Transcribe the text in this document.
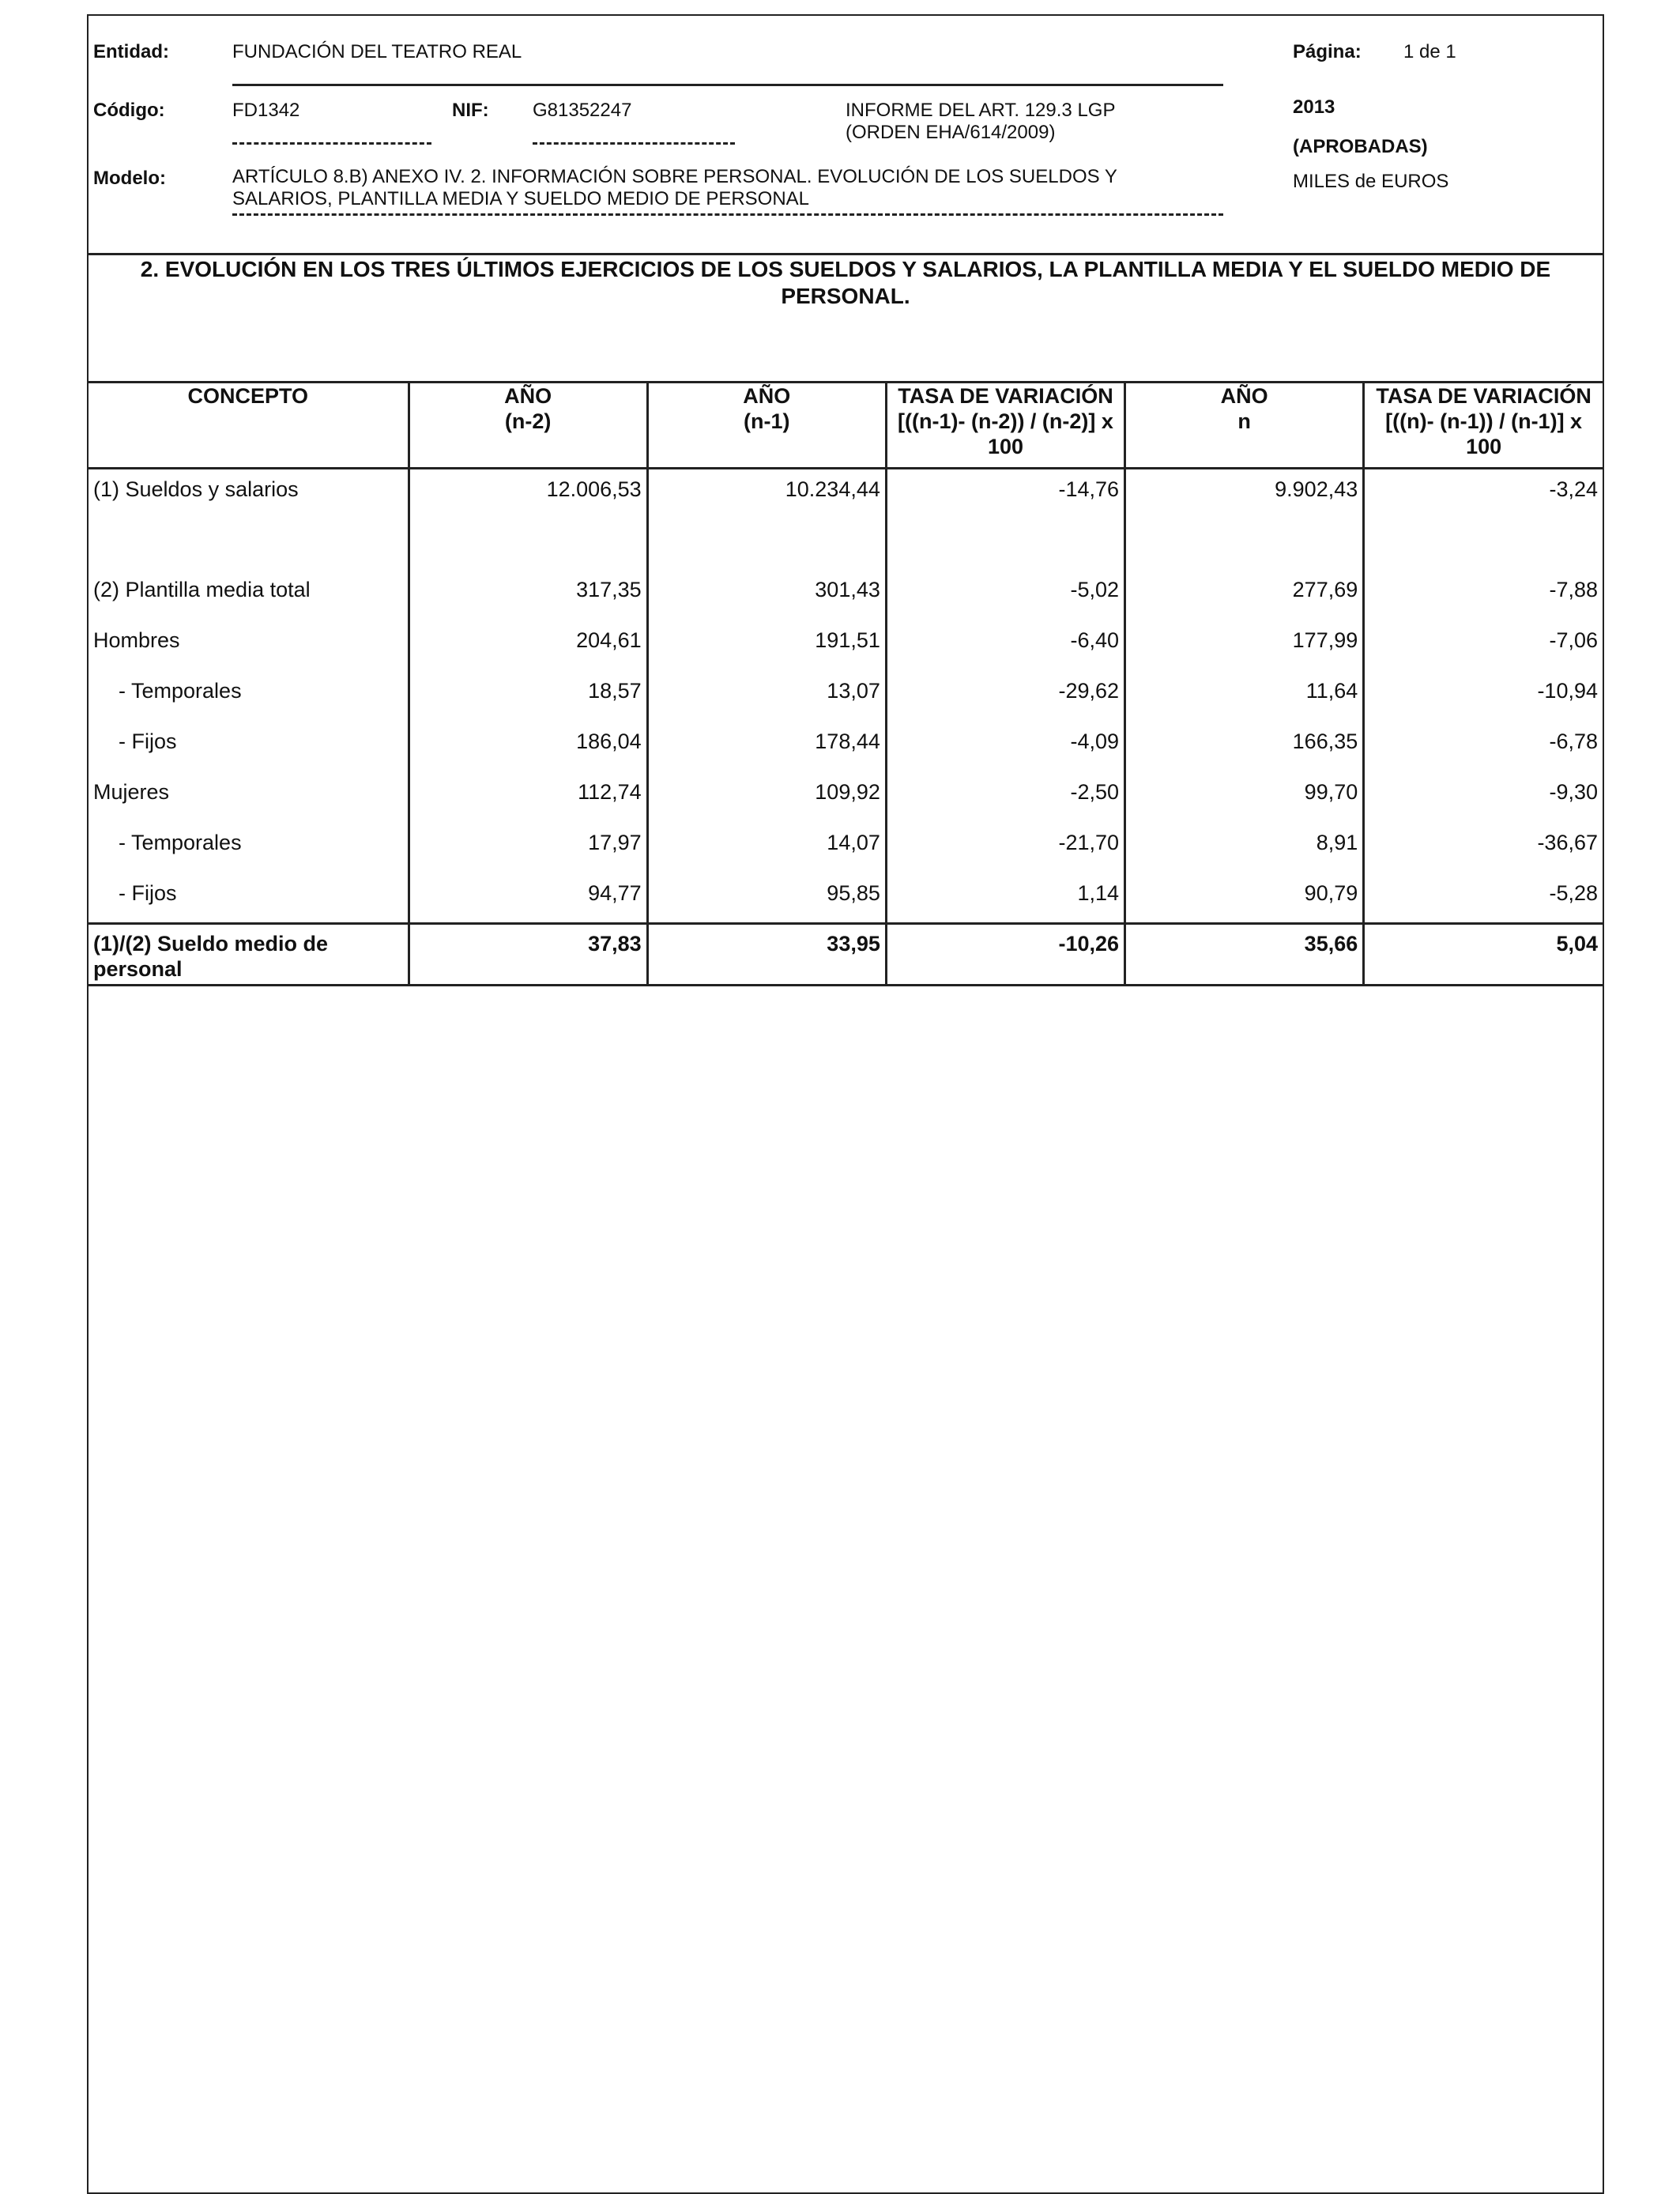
Entidad:	FUNDACIÓN DEL TEATRO REAL	Página: 1 de 1
Código:	FD1342	NIF: G81352247	INFORME DEL ART. 129.3 LGP
(ORDEN EHA/614/2009)
2013
(APROBADAS)
MILES de EUROS
Modelo:	ARTÍCULO 8.B) ANEXO IV. 2. INFORMACIÓN SOBRE PERSONAL. EVOLUCIÓN DE LOS SUELDOS Y
SALARIOS, PLANTILLA MEDIA Y SUELDO MEDIO DE PERSONAL
2. EVOLUCIÓN EN LOS TRES ÚLTIMOS EJERCICIOS DE LOS SUELDOS Y SALARIOS, LA PLANTILLA MEDIA Y EL SUELDO MEDIO DE
PERSONAL.
CONCEPTO	AÑO	AÑO	TASA DE VARIACIÓN	AÑO	TASA DE VARIACIÓN
	(n-2)	(n-1)	[((n-1)- (n-2)) / (n-2)] x 100	n	[((n)- (n-1)) / (n-1)] x 100
(1) Sueldos y salarios	12.006,53	10.234,44	-14,76	9.902,43	-3,24
(2) Plantilla media total	317,35	301,43	-5,02	277,69	-7,88
Hombres	204,61	191,51	-6,40	177,99	-7,06
- Temporales	18,57	13,07	-29,62	11,64	-10,94
- Fijos	186,04	178,44	-4,09	166,35	-6,78
Mujeres	112,74	109,92	-2,50	99,70	-9,30
- Temporales	17,97	14,07	-21,70	8,91	-36,67
- Fijos	94,77	95,85	1,14	90,79	-5,28
(1)/(2) Sueldo medio de personal	37,83	33,95	-10,26	35,66	5,04
